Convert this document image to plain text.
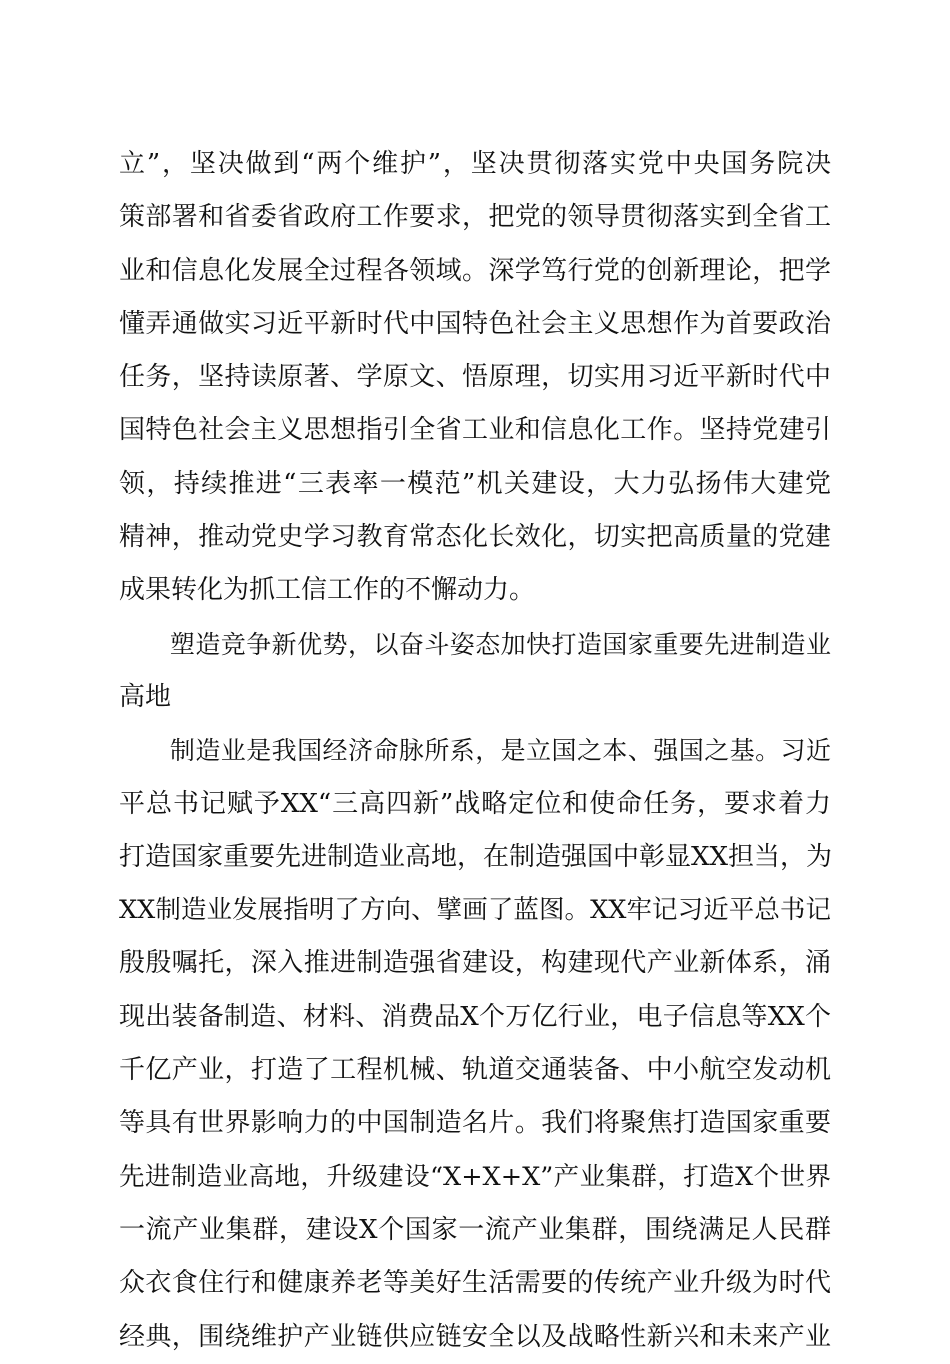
立”，坚决做到“两个维护”，坚决贯彻落实党中央国务院决
策部署和省委省政府工作要求，把党的领导贯彻落实到全省工
业和信息化发展全过程各领域。深学笃行党的创新理论，把学
懂弄通做实习近平新时代中国特色社会主义思想作为首要政治
任务，坚持读原著、学原文、悟原理，切实用习近平新时代中
国特色社会主义思想指引全省工业和信息化工作。坚持党建引
领，持续推进“三表率一模范”机关建设，大力弘扬伟大建党
精神，推动党史学习教育常态化长效化，切实把高质量的党建
成果转化为抓工信工作的不懈动力。
　　塑造竞争新优势，以奋斗姿态加快打造国家重要先进制造业
高地
　　制造业是我国经济命脉所系，是立国之本、强国之基。习近
平总书记赋予XX“三高四新”战略定位和使命任务，要求着力
打造国家重要先进制造业高地，在制造强国中彰显XX担当，为
XX制造业发展指明了方向、擘画了蓝图。XX牢记习近平总书记
殷殷嘱托，深入推进制造强省建设，构建现代产业新体系，涌
现出装备制造、材料、消费品X个万亿行业，电子信息等XX个
千亿产业，打造了工程机械、轨道交通装备、中小航空发动机
等具有世界影响力的中国制造名片。我们将聚焦打造国家重要
先进制造业高地，升级建设“X+X+X”产业集群，打造X个世界
一流产业集群，建设X个国家一流产业集群，围绕满足人民群
众衣食住行和健康养老等美好生活需要的传统产业升级为时代
经典，围绕维护产业链供应链安全以及战略性新兴和未来产业
